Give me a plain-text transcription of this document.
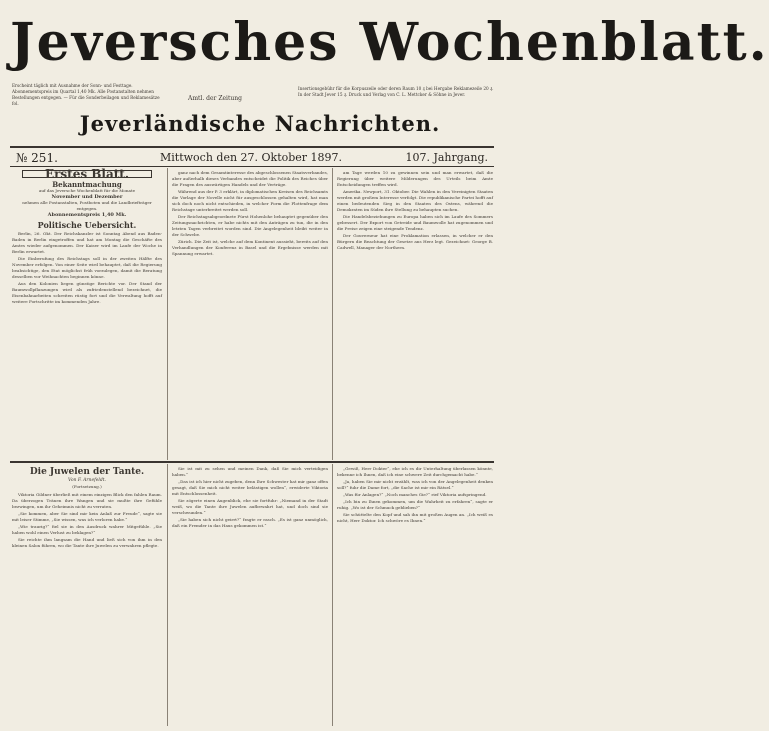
Jeversches Wochenblatt.
Erscheint täglich mit Ausnahme der Sonn- und Festtage. Abonnementspreis im Quartal 1,40 Mk. Alle Postanstalten nehmen Bestellungen entgegen. — Für die Sonderbeilagen und Reklamesätze fol.
Amtl. der Zeitung
Insertionsgebühr für die Korpuszeile oder deren Raum 10 ₰ bei Hergabe Reklamezeile 20 ₰. In der Stadt Jever 15 ₰. Druck und Verlag von C. L. Mettcker & Söhne in Jever.
Jeverländische Nachrichten.
№ 251.	Mittwoch den 27. Oktober 1897.	107. Jahrgang.
Erstes Blatt.
Bekanntmachung
auf das Jeversche Wochenblatt für die Monate
November und Dezember
nehmen alle Postanstalten, Postboten und die Landbriefträger entgegen.
Abonnementspreis 1,40 Mk.
Politische Uebersicht.

Berlin, 26. Okt. Der Reichskanzler ist Sonntag Abend aus Baden-Baden in Berlin eingetroffen und hat am Montag die Geschäfte des Amtes wieder aufgenommen. Der Kaiser wird im Laufe der Woche in Berlin erwartet.

Die Einberufung des Reichstags soll in der zweiten Hälfte des November erfolgen. Von einer Seite wird behauptet, daß die Regierung beabsichtige, den Etat möglichst früh vorzulegen, damit die Beratung desselben vor Weihnachten beginnen könne.

Aus den Kolonien liegen günstige Berichte vor. Der Stand der Baumwollpflanzungen wird als zufriedenstellend bezeichnet, die Eisenbahnarbeiten schreiten rüstig fort und die Verwaltung hofft auf weitere Fortschritte im kommenden Jahre.

ganz nach dem Gesamtinteresse des abgeschlossenen Staatsverbandes, aber außerhalb dieses Verbandes entscheidet die Politik des Reiches über die Fragen des auswärtigen Handels und der Verträge.

Während aus der P. 3 erklärt, in diplomatischen Kreisen des Reichsamts die Vorlage der Novelle nicht für ausgeschlossen gehalten wird, hat man sich doch noch nicht entschieden, in welcher Form die Flottenfrage dem Reichstage unterbreitet werden soll.

Der Reichstagsabgeordnete Fürst Hohenlohe behauptet gegenüber den Zeitungsnachrichten, er habe nichts mit den Anträgen zu tun, die in den letzten Tagen verbreitet worden sind. Die Angelegenheit bleibt weiter in der Schwebe.

Zürich. Die Zeit ist, welche auf dem Kontinent aussieht, bereits auf den Verhandlungen der Konferenz in Basel und die Ergebnisse werden mit Spannung erwartet.

am Tage werden 10 zu gewinnen sein und man erwartet, daß die Regierung über weitere Milderungen des Urteils beim Amte Entscheidungen treffen wird.

Amerika. Newport, 31. Oktober. Die Wahlen in den Vereinigten Staaten werden mit großem Interesse verfolgt. Die republikanische Partei hofft auf einen bedeutenden Sieg in den Staaten des Ostens, während die Demokraten im Süden ihre Stellung zu behaupten suchen.

Die Handelsbeziehungen zu Europa haben sich im Laufe des Sommers gebessert. Der Export von Getreide und Baumwolle hat zugenommen und die Preise zeigen eine steigende Tendenz.

Der Gouverneur hat eine Proklamation erlassen, in welcher er den Bürgern die Beachtung der Gesetze ans Herz legt. Gezeichnet: George B. Cadwell, Manager der Northern.

Die Juwelen der Tante.
Von F. Arnefeldt.
(Fortsetzung.)

Viktoria Gildner überließ mit einem einzigen Blick den fahlen Raum. Da überzogen Tränen ihre Wangen und sie mußte ihre Gefühle bezwingen, um ihr Geheimnis nicht zu verraten.

„Sie kommen, aber Sie sind mir kein Anlaß zur Freude“, sagte sie mit leiser Stimme, „Sie wissen, was ich verloren habe.“

„Wie traurig?“ fiel sie in den Ausdruck wahrer Mitgefühle. „Sie haben wohl einen Verlust zu beklagen?“

Sie reichte ihm langsam die Hand und ließ sich von ihm in den kleinen Salon führen, wo die Tante ihre Juwelen zu verwahren pflegte.

Sie ist mit zu sehen und meinen Dank, daß Sie mich verteidigen haben.“

„Das ist ich hier nicht zugeben, denn Ihre Schwester hat mir ganz offen gesagt, daß Sie mich nicht weiter belästigen wollen“, erwiderte Viktoria mit Entschlossenheit.

Sie zögerte einen Augenblick, ehe sie fortfuhr: „Niemand in der Stadt weiß, wo die Tante ihre Juwelen aufbewahrt hat, und doch sind sie verschwunden.“

„Sie haben sich nicht geirrt?“ fragte er rasch. „Es ist ganz unmöglich, daß ein Fremder in das Haus gekommen ist.“

„Gewiß, Herr Dokter“, ehe ich es dir Unterhaltung überlassen könnte, bekenne ich Ihnen, daß ich eine schwere Zeit durchgemacht habe.“

„Ja, haben Sie mir nicht erzählt, was ich von der Angelegenheit denken soll?“ fuhr die Dame fort, „die Sache ist mir ein Rätsel.“

„Was für Anlagen?“ „Noch manches Gie?“ rief Viktoria aufspringend.

„Ich bin zu Ihnen gekommen, um die Wahrheit zu erfahren“, sagte er ruhig. „Wo ist der Schmuck geblieben?“

Sie schüttelte den Kopf und sah ihn mit großen Augen an. „Ich weiß es nicht, Herr Doktor. Ich schwöre es Ihnen.“
